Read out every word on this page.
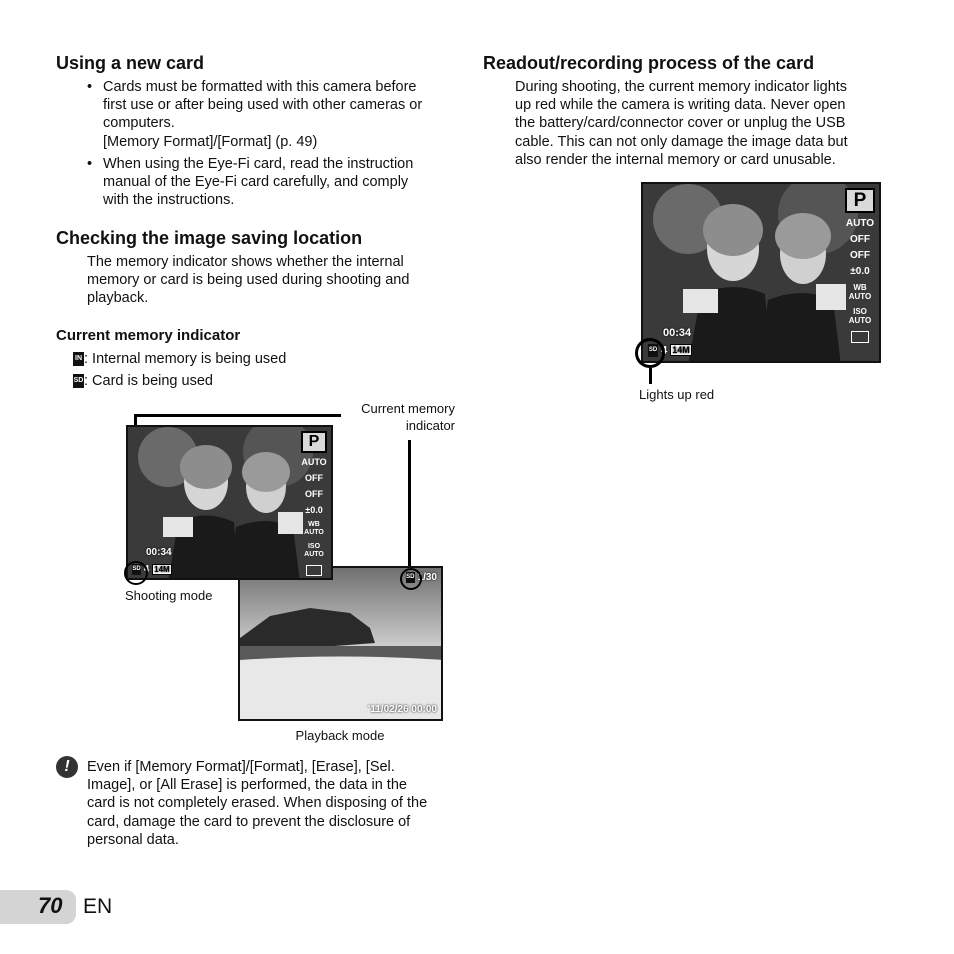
Using a new card
• Cards must be formatted with this camera before
first use or after being used with other cameras or
computers.
[Memory Format]/[Format] (p. 49)
• When using the Eye-Fi card, read the instruction
manual of the Eye-Fi card carefully, and comply
with the instructions.
Checking the image saving location
The memory indicator shows whether the internal
memory or card is being used during shooting and
playback.
Current memory indicator
IN : Internal memory is being used
SD: Card is being used
Current memory
indicator
SD 1/30
'11/02/26 00:00
Playback mode
P
AUTO
OFF
OFF
±0.0
WB
AUTO
ISO
AUTO
00:34
SD 4 14M
Shooting mode
!	Even if [Memory Format]/[Format], [Erase], [Sel.
Image], or [All Erase] is performed, the data in the
card is not completely erased. When disposing of the
card, damage the card to prevent the disclosure of
personal data.
Readout/recording process of the card
During shooting, the current memory indicator lights
up red while the camera is writing data. Never open
the battery/card/connector cover or unplug the USB
cable. This can not only damage the image data but
also render the internal memory or card unusable.
P
AUTO
OFF
OFF
±0.0
WB
AUTO
ISO
AUTO
00:34
SD 4 14M
Lights up red
70 EN
